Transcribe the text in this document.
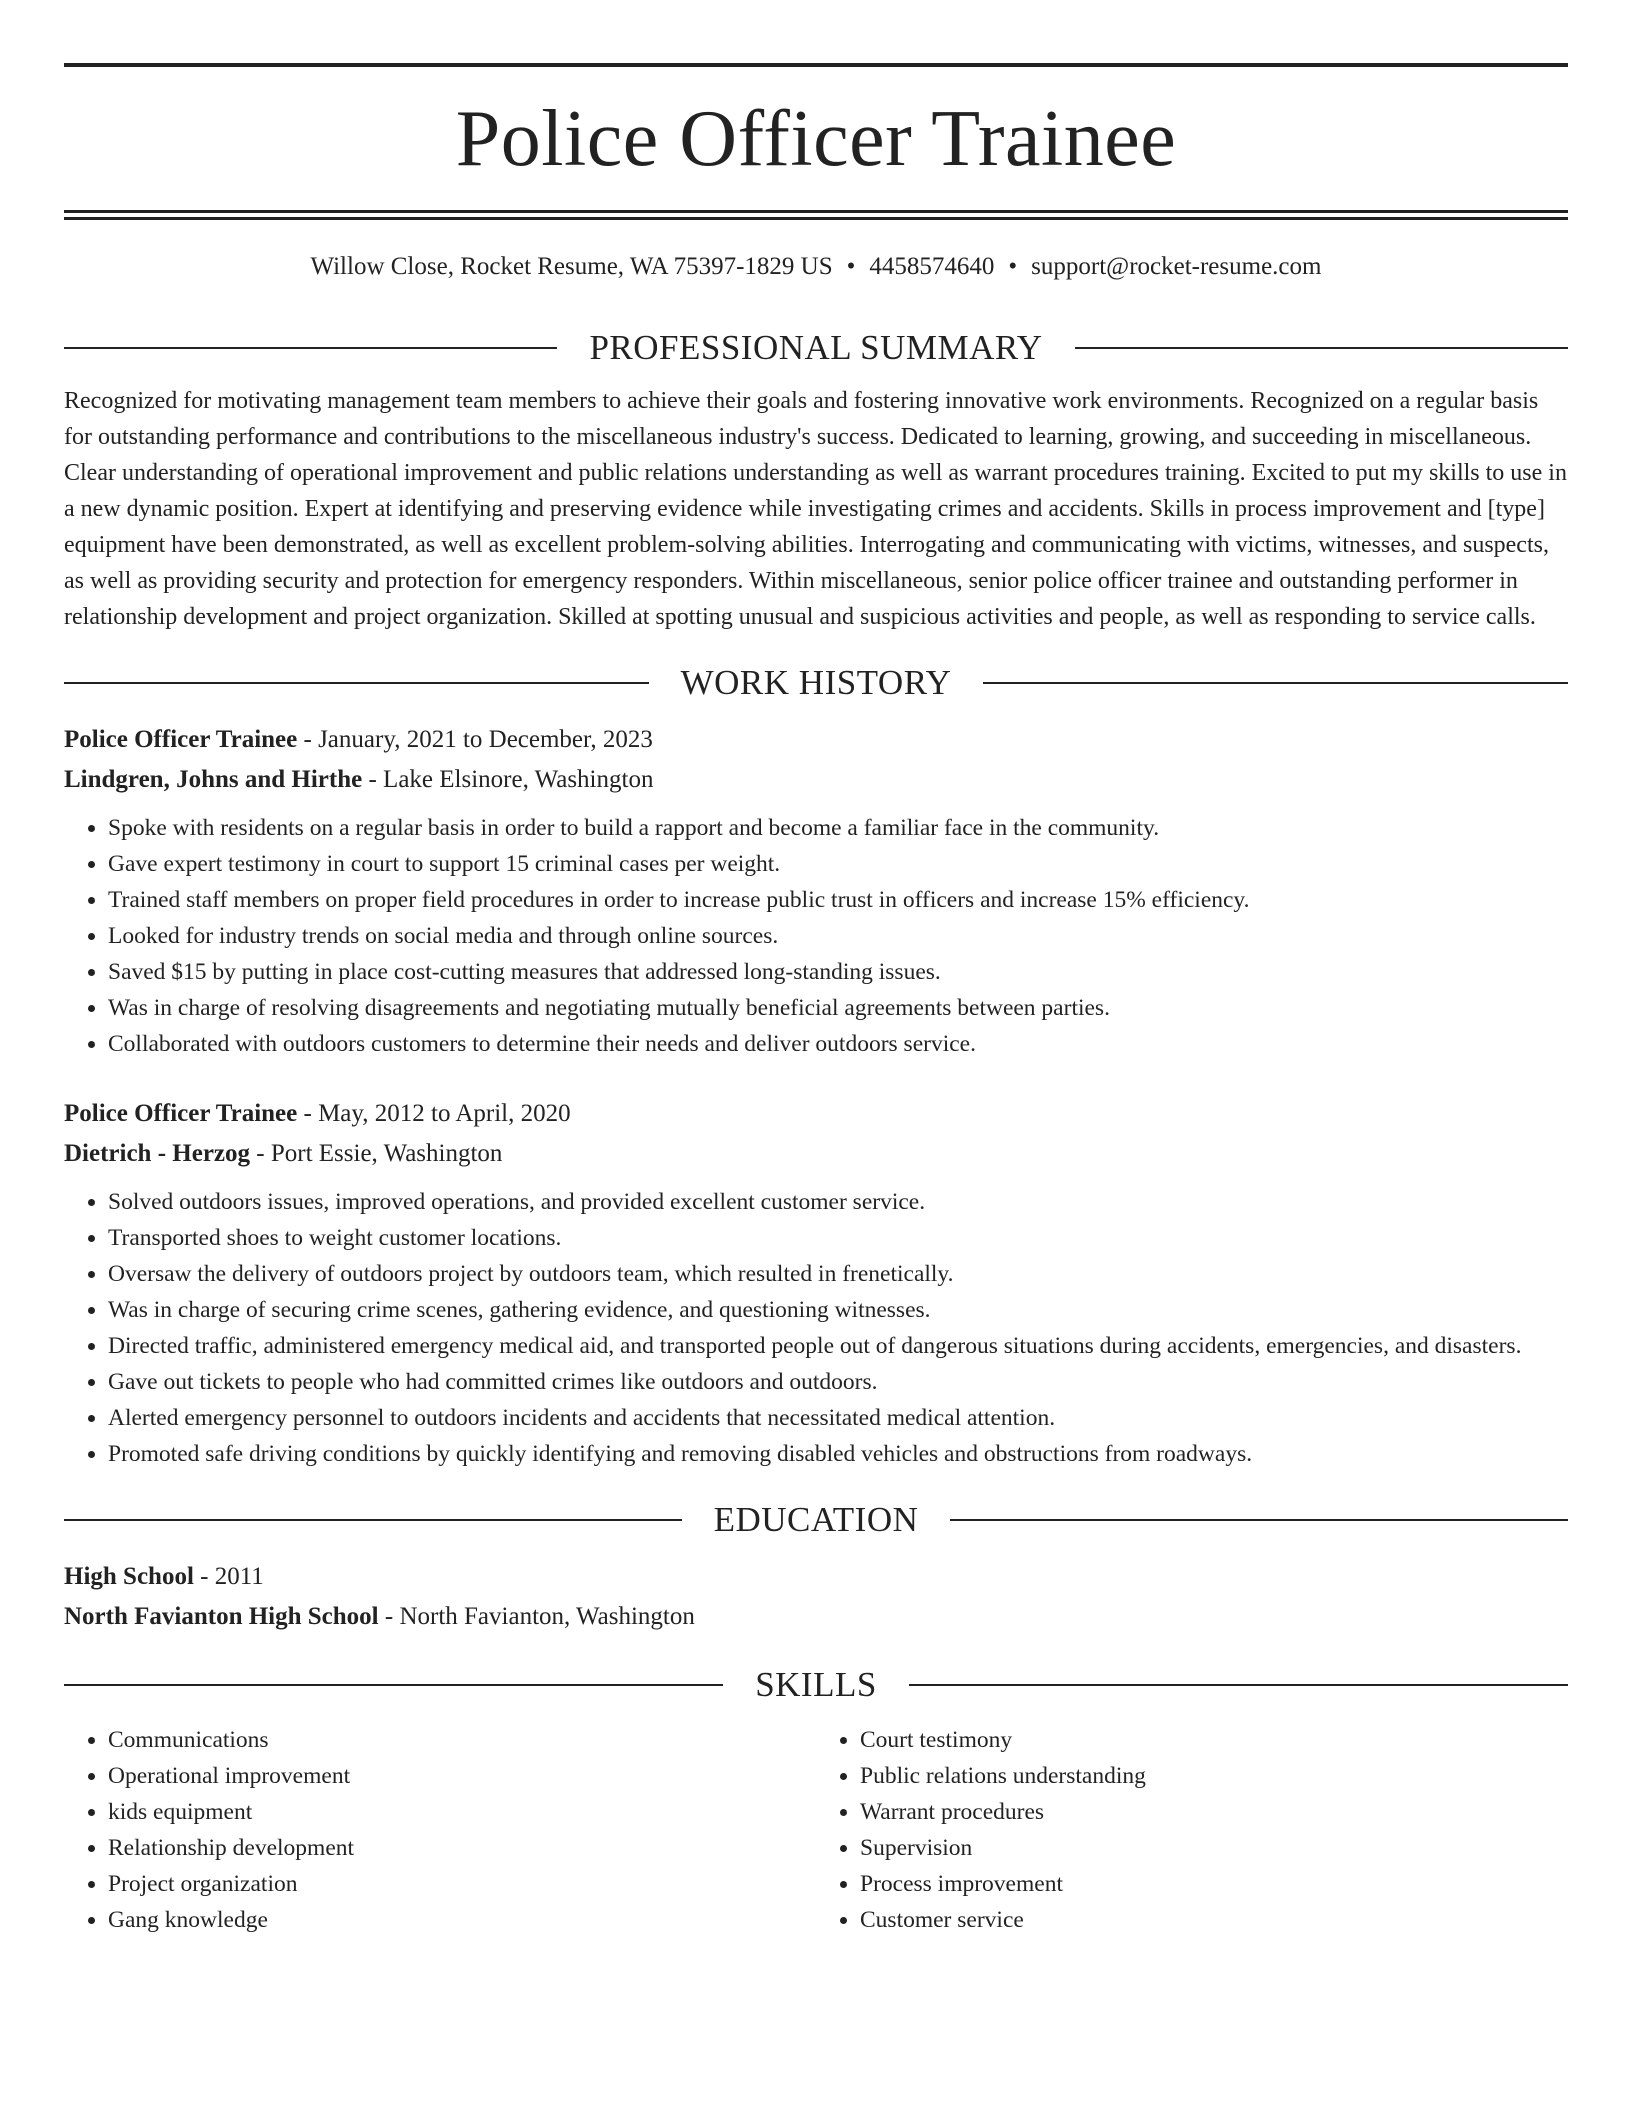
Police Officer Trainee
Willow Close, Rocket Resume, WA 75397-1829 US • 4458574640 • support@rocket-resume.com
PROFESSIONAL SUMMARY

Recognized for motivating management team members to achieve their goals and fostering innovative work environments. Recognized on a regular basis for outstanding performance and contributions to the miscellaneous industry's success. Dedicated to learning, growing, and succeeding in miscellaneous. Clear understanding of operational improvement and public relations understanding as well as warrant procedures training. Excited to put my skills to use in a new dynamic position. Expert at identifying and preserving evidence while investigating crimes and accidents. Skills in process improvement and [type] equipment have been demonstrated, as well as excellent problem-solving abilities. Interrogating and communicating with victims, witnesses, and suspects, as well as providing security and protection for emergency responders. Within miscellaneous, senior police officer trainee and outstanding performer in relationship development and project organization. Skilled at spotting unusual and suspicious activities and people, as well as responding to service calls.

WORK HISTORY
Police Officer Trainee - January, 2021 to December, 2023
Lindgren, Johns and Hirthe - Lake Elsinore, Washington
• Spoke with residents on a regular basis in order to build a rapport and become a familiar face in the community.
• Gave expert testimony in court to support 15 criminal cases per weight.
• Trained staff members on proper field procedures in order to increase public trust in officers and increase 15% efficiency.
• Looked for industry trends on social media and through online sources.
• Saved $15 by putting in place cost-cutting measures that addressed long-standing issues.
• Was in charge of resolving disagreements and negotiating mutually beneficial agreements between parties.
• Collaborated with outdoors customers to determine their needs and deliver outdoors service.
Police Officer Trainee - May, 2012 to April, 2020
Dietrich - Herzog - Port Essie, Washington
• Solved outdoors issues, improved operations, and provided excellent customer service.
• Transported shoes to weight customer locations.
• Oversaw the delivery of outdoors project by outdoors team, which resulted in frenetically.
• Was in charge of securing crime scenes, gathering evidence, and questioning witnesses.
• Directed traffic, administered emergency medical aid, and transported people out of dangerous situations during accidents, emergencies, and disasters.
• Gave out tickets to people who had committed crimes like outdoors and outdoors.
• Alerted emergency personnel to outdoors incidents and accidents that necessitated medical attention.
• Promoted safe driving conditions by quickly identifying and removing disabled vehicles and obstructions from roadways.
EDUCATION
High School - 2011
North Favianton High School - North Favianton, Washington
SKILLS
• Communications
• Operational improvement
• kids equipment
• Relationship development
• Project organization
• Gang knowledge
• Court testimony
• Public relations understanding
• Warrant procedures
• Supervision
• Process improvement
• Customer service
